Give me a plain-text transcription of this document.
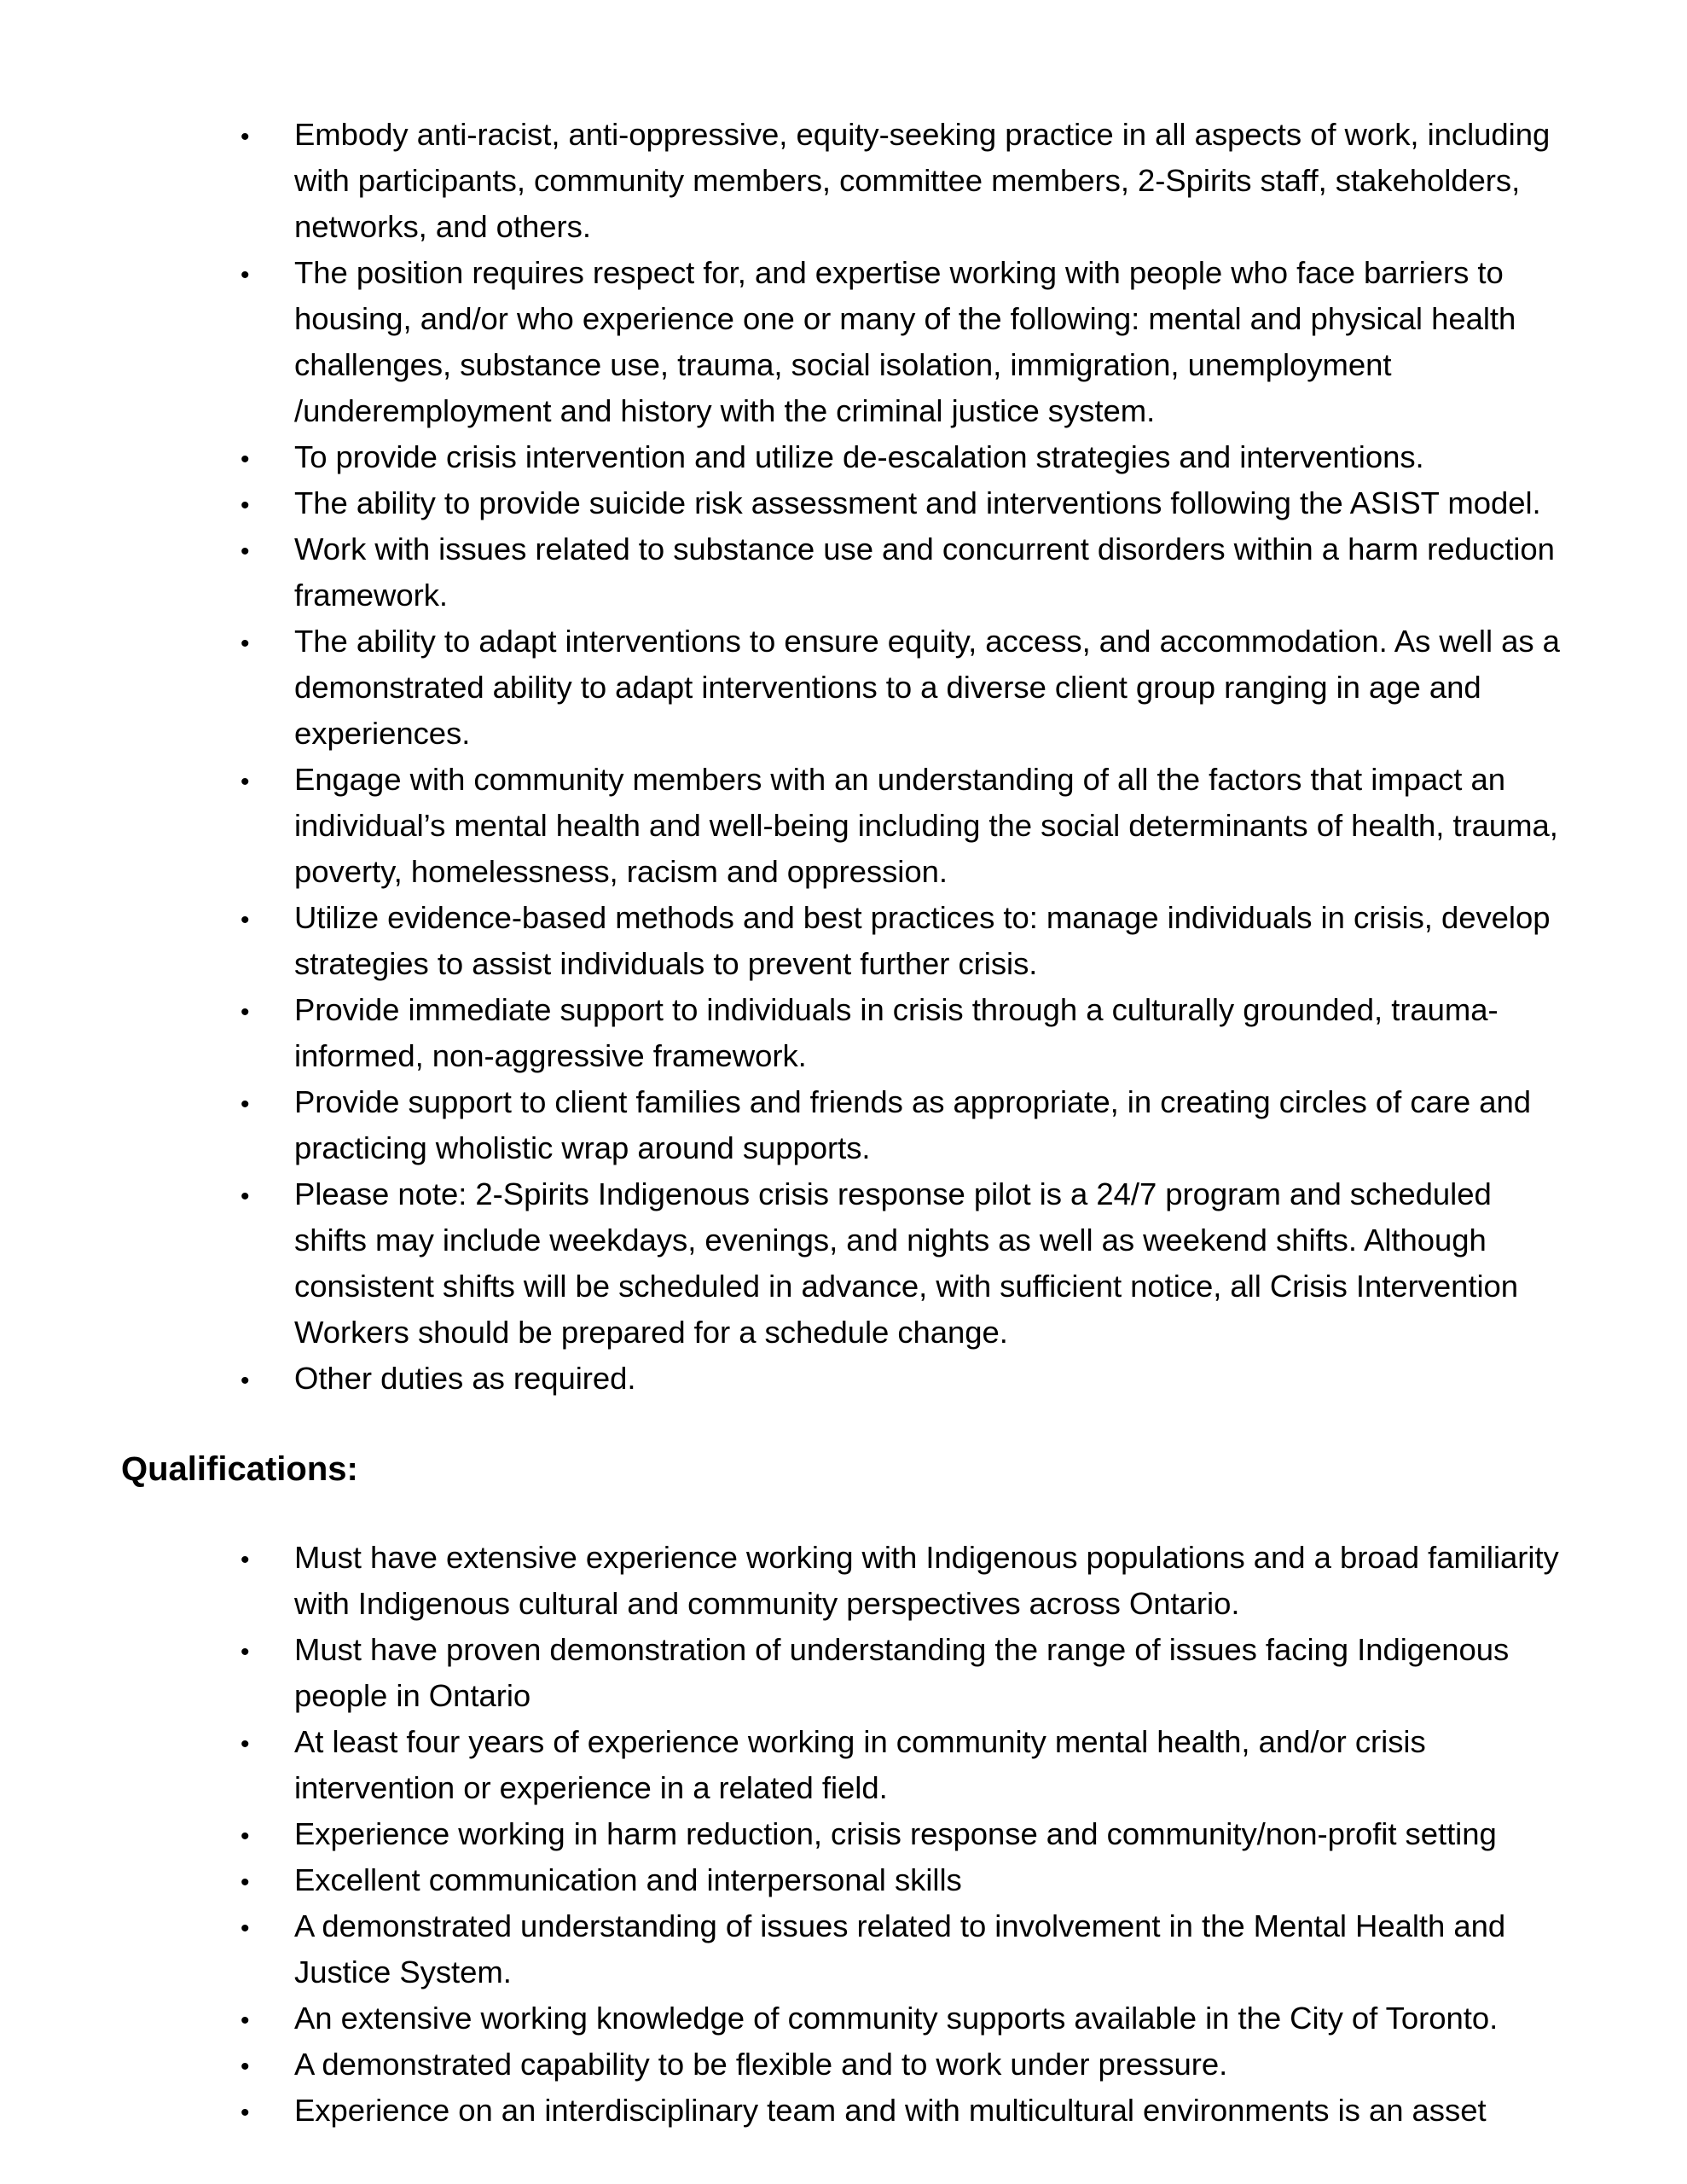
•
Embody anti-racist, anti-oppressive, equity-seeking practice in all aspects of work, including with participants, community members, committee members, 2-Spirits staff, stakeholders, networks, and others.
•
The position requires respect for, and expertise working with people who face barriers to housing, and/or who experience one or many of the following: mental and physical health challenges, substance use, trauma, social isolation, immigration, unemployment /underemployment and history with the criminal justice system.
•
To provide crisis intervention and utilize de-escalation strategies and interventions.
•
The ability to provide suicide risk assessment and interventions following the ASIST model.
•
Work with issues related to substance use and concurrent disorders within a harm reduction framework.
•
The ability to adapt interventions to ensure equity, access, and accommodation. As well as a demonstrated ability to adapt interventions to a diverse client group ranging in age and experiences.
•
Engage with community members with an understanding of all the factors that impact an individual’s mental health and well-being including the social determinants of health, trauma, poverty, homelessness, racism and oppression.
•
Utilize evidence-based methods and best practices to: manage individuals in crisis, develop strategies to assist individuals to prevent further crisis.
•
Provide immediate support to individuals in crisis through a culturally grounded, trauma-informed, non-aggressive framework.
•
Provide support to client families and friends as appropriate, in creating circles of care and practicing wholistic wrap around supports.
•
Please note: 2-Spirits Indigenous crisis response pilot is a 24/7 program and scheduled shifts may include weekdays, evenings, and nights as well as weekend shifts. Although consistent shifts will be scheduled in advance, with sufficient notice, all Crisis Intervention Workers should be prepared for a schedule change.
•
Other duties as required.
Qualifications:
•
Must have extensive experience working with Indigenous populations and a broad familiarity with Indigenous cultural and community perspectives across Ontario.
•
Must have proven demonstration of understanding the range of issues facing Indigenous people in Ontario
•
At least four years of experience working in community mental health, and/or crisis intervention or experience in a related field.
•
Experience working in harm reduction, crisis response and community/non-profit setting
•
Excellent communication and interpersonal skills
•
A demonstrated understanding of issues related to involvement in the Mental Health and Justice System.
•
An extensive working knowledge of community supports available in the City of Toronto.
•
A demonstrated capability to be flexible and to work under pressure.
•
Experience on an interdisciplinary team and with multicultural environments is an asset
